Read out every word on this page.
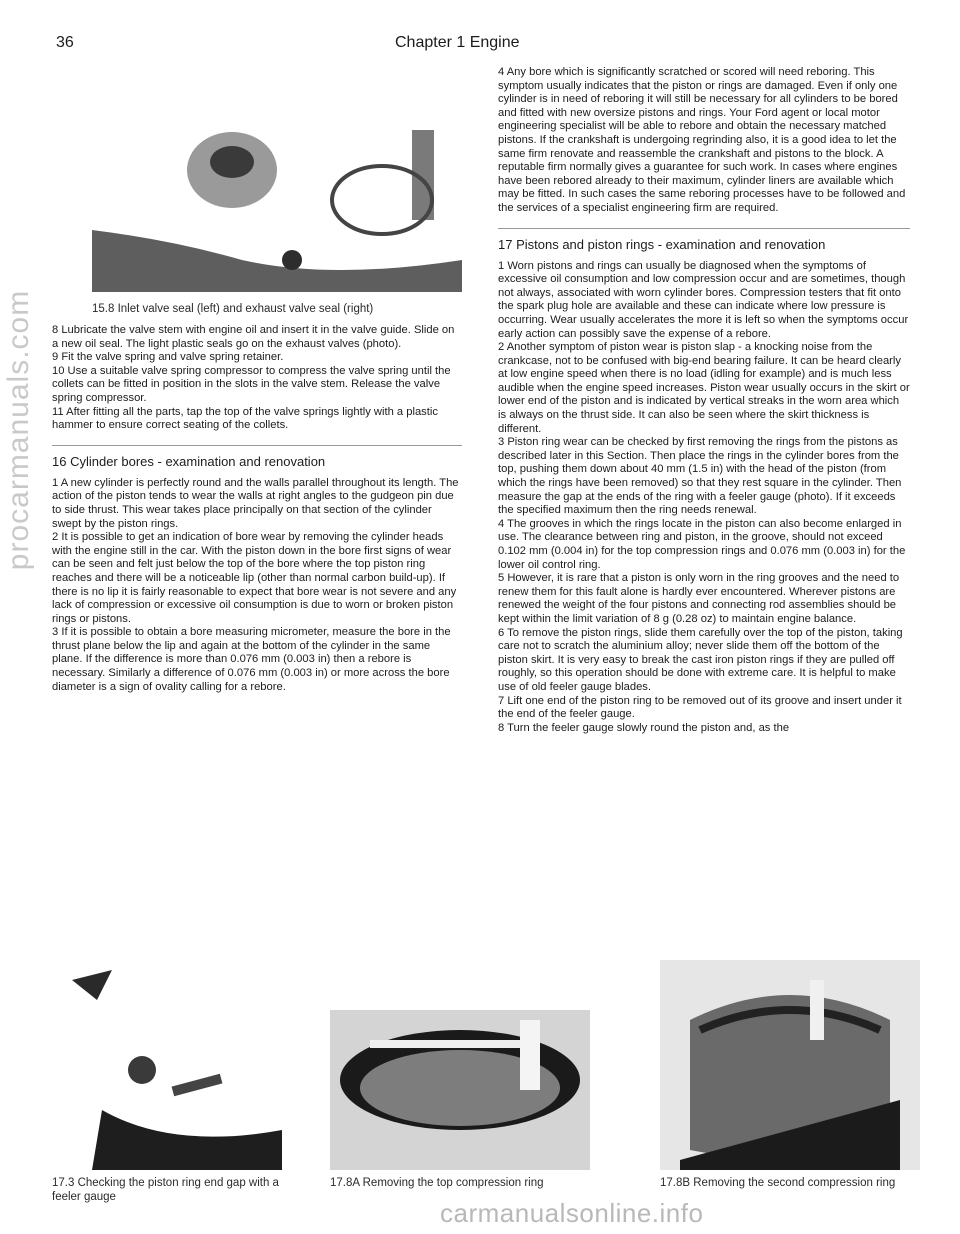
procarmanuals.com
36	Chapter 1 Engine
15.8 Inlet valve seal (left) and exhaust valve seal (right)

8 Lubricate the valve stem with engine oil and insert it in the valve guide. Slide on a new oil seal. The light plastic seals go on the exhaust valves (photo).

9 Fit the valve spring and valve spring retainer.

10 Use a suitable valve spring compressor to compress the valve spring until the collets can be fitted in position in the slots in the valve stem. Release the valve spring compressor.

11 After fitting all the parts, tap the top of the valve springs lightly with a plastic hammer to ensure correct seating of the collets.

16 Cylinder bores - examination and renovation

1 A new cylinder is perfectly round and the walls parallel throughout its length. The action of the piston tends to wear the walls at right angles to the gudgeon pin due to side thrust. This wear takes place principally on that section of the cylinder swept by the piston rings.

2 It is possible to get an indication of bore wear by removing the cylinder heads with the engine still in the car. With the piston down in the bore first signs of wear can be seen and felt just below the top of the bore where the top piston ring reaches and there will be a noticeable lip (other than normal carbon build-up). If there is no lip it is fairly reasonable to expect that bore wear is not severe and any lack of compression or excessive oil consumption is due to worn or broken piston rings or pistons.

3 If it is possible to obtain a bore measuring micrometer, measure the bore in the thrust plane below the lip and again at the bottom of the cylinder in the same plane. If the difference is more than 0.076 mm (0.003 in) then a rebore is necessary. Similarly a difference of 0.076 mm (0.003 in) or more across the bore diameter is a sign of ovality calling for a rebore.

4 Any bore which is significantly scratched or scored will need reboring. This symptom usually indicates that the piston or rings are damaged. Even if only one cylinder is in need of reboring it will still be necessary for all cylinders to be bored and fitted with new oversize pistons and rings. Your Ford agent or local motor engineering specialist will be able to rebore and obtain the necessary matched pistons. If the crankshaft is undergoing regrinding also, it is a good idea to let the same firm renovate and reassemble the crankshaft and pistons to the block. A reputable firm normally gives a guarantee for such work. In cases where engines have been rebored already to their maximum, cylinder liners are available which may be fitted. In such cases the same reboring processes have to be followed and the services of a specialist engineering firm are required.

17 Pistons and piston rings - examination and renovation

1 Worn pistons and rings can usually be diagnosed when the symptoms of excessive oil consumption and low compression occur and are sometimes, though not always, associated with worn cylinder bores. Compression testers that fit onto the spark plug hole are available and these can indicate where low pressure is occurring. Wear usually accelerates the more it is left so when the symptoms occur early action can possibly save the expense of a rebore.

2 Another symptom of piston wear is piston slap - a knocking noise from the crankcase, not to be confused with big-end bearing failure. It can be heard clearly at low engine speed when there is no load (idling for example) and is much less audible when the engine speed increases. Piston wear usually occurs in the skirt or lower end of the piston and is indicated by vertical streaks in the worn area which is always on the thrust side. It can also be seen where the skirt thickness is different.

3 Piston ring wear can be checked by first removing the rings from the pistons as described later in this Section. Then place the rings in the cylinder bores from the top, pushing them down about 40 mm (1.5 in) with the head of the piston (from which the rings have been removed) so that they rest square in the cylinder. Then measure the gap at the ends of the ring with a feeler gauge (photo). If it exceeds the specified maximum then the ring needs renewal.

4 The grooves in which the rings locate in the piston can also become enlarged in use. The clearance between ring and piston, in the groove, should not exceed 0.102 mm (0.004 in) for the top compression rings and 0.076 mm (0.003 in) for the lower oil control ring.

5 However, it is rare that a piston is only worn in the ring grooves and the need to renew them for this fault alone is hardly ever encountered. Wherever pistons are renewed the weight of the four pistons and connecting rod assemblies should be kept within the limit variation of 8 g (0.28 oz) to maintain engine balance.

6 To remove the piston rings, slide them carefully over the top of the piston, taking care not to scratch the aluminium alloy; never slide them off the bottom of the piston skirt. It is very easy to break the cast iron piston rings if they are pulled off roughly, so this operation should be done with extreme care. It is helpful to make use of old feeler gauge blades.

7 Lift one end of the piston ring to be removed out of its groove and insert under it the end of the feeler gauge.

8 Turn the feeler gauge slowly round the piston and, as the

17.3 Checking the piston ring end gap with a feeler gauge
17.8A Removing the top compression ring	17.8B Removing the second compression ring
carmanualsonline.info
